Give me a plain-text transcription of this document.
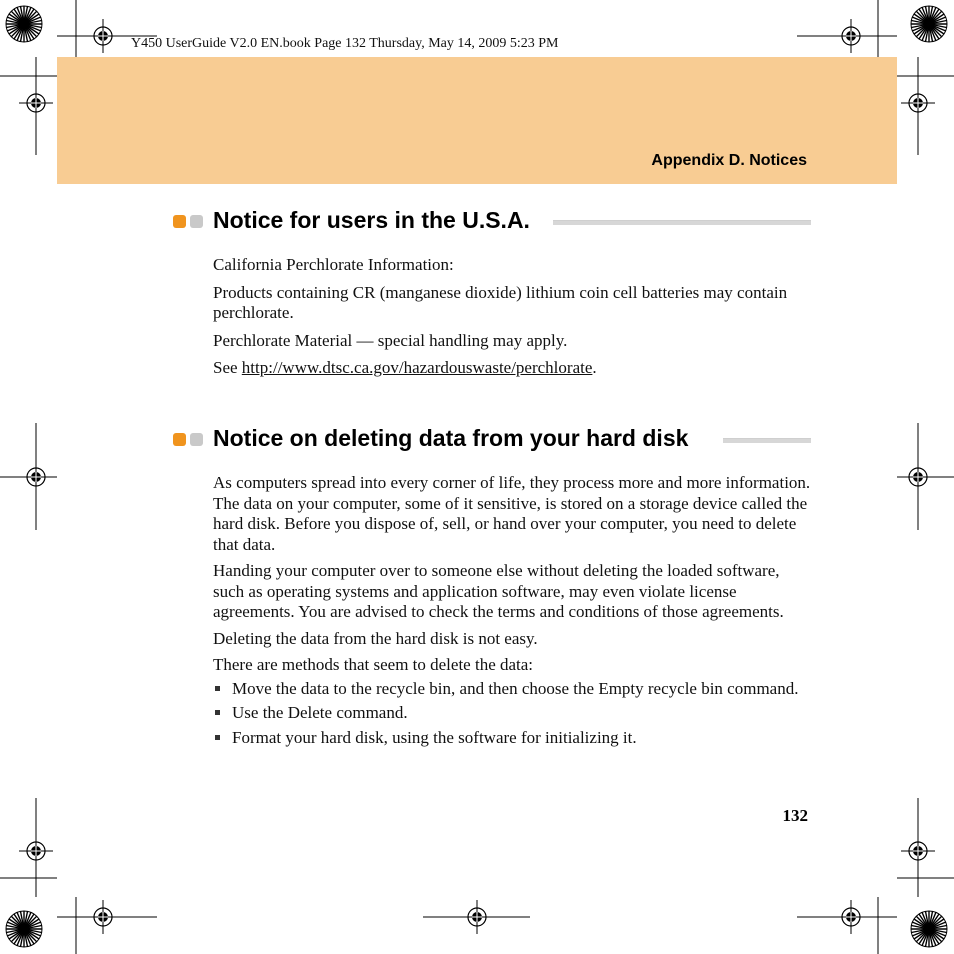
Y450 UserGuide V2.0 EN.book Page 132 Thursday, May 14, 2009 5:23 PM
Appendix D. Notices
Notice for users in the U.S.A.

California Perchlorate Information:

Products containing CR (manganese dioxide) lithium coin cell batteries may contain perchlorate.

Perchlorate Material — special handling may apply.

See http://www.dtsc.ca.gov/hazardouswaste/perchlorate.

Notice on deleting data from your hard disk

As computers spread into every corner of life, they process more and more information. The data on your computer, some of it sensitive, is stored on a storage device called the hard disk. Before you dispose of, sell, or hand over your computer, you need to delete that data.

Handing your computer over to someone else without deleting the loaded software, such as operating systems and application software, may even violate license agreements. You are advised to check the terms and conditions of those agreements.

Deleting the data from the hard disk is not easy.

There are methods that seem to delete the data:

Move the data to the recycle bin, and then choose the Empty recycle bin command.
Use the Delete command.
Format your hard disk, using the software for initializing it.
132
